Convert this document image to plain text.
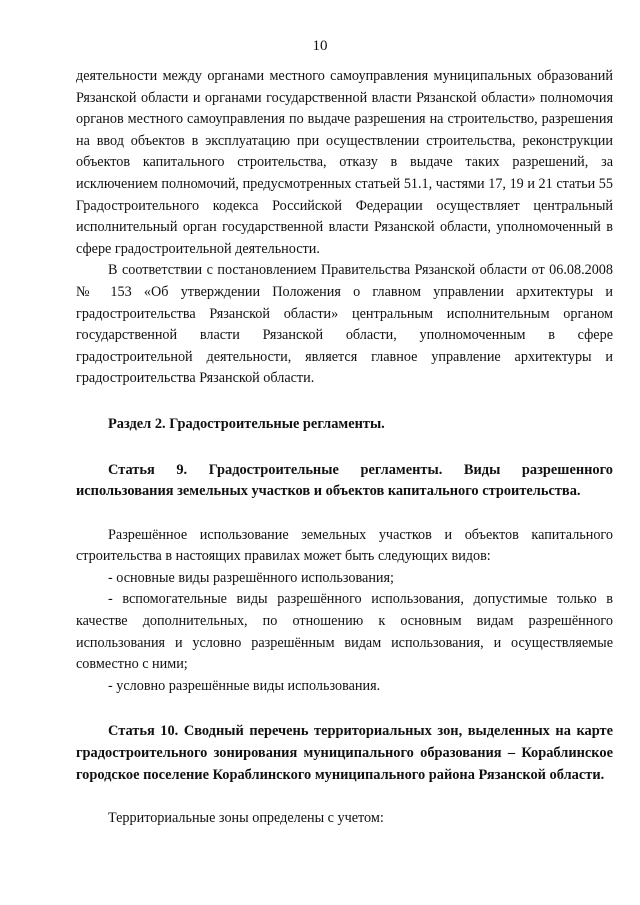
10

деятельности между органами местного самоуправления муниципальных образований Рязанской области и органами государственной власти Рязанской области» полномочия органов местного самоуправления по выдаче разрешения на строительство, разрешения на ввод объектов в эксплуатацию при осуществлении строительства, реконструкции объектов капитального строительства, отказу в выдаче таких разрешений, за исключением полномочий, предусмотренных статьей 51.1, частями 17, 19 и 21 статьи 55 Градостроительного кодекса Российской Федерации осуществляет центральный исполнительный орган государственной власти Рязанской области, уполномоченный в сфере градостроительной деятельности.

В соответствии с постановлением Правительства Рязанской области от 06.08.2008 № 153 «Об утверждении Положения о главном управлении архитектуры и градостроительства Рязанской области» центральным исполнительным органом государственной власти Рязанской области, уполномоченным в сфере градостроительной деятельности, является главное управление архитектуры и градостроительства Рязанской области.

Раздел 2. Градостроительные регламенты.

Статья 9. Градостроительные регламенты. Виды разрешенного использования земельных участков и объектов капитального строительства.

Разрешённое использование земельных участков и объектов капитального строительства в настоящих правилах может быть следующих видов:

- основные виды разрешённого использования;

- вспомогательные виды разрешённого использования, допустимые только в качестве дополнительных, по отношению к основным видам разрешённого использования и условно разрешённым видам использования, и осуществляемые совместно с ними;

- условно разрешённые виды использования.

Статья 10. Сводный перечень территориальных зон, выделенных на карте градостроительного зонирования муниципального образования – Кораблинское городское поселение Кораблинского муниципального района Рязанской области.

Территориальные зоны определены с учетом:
